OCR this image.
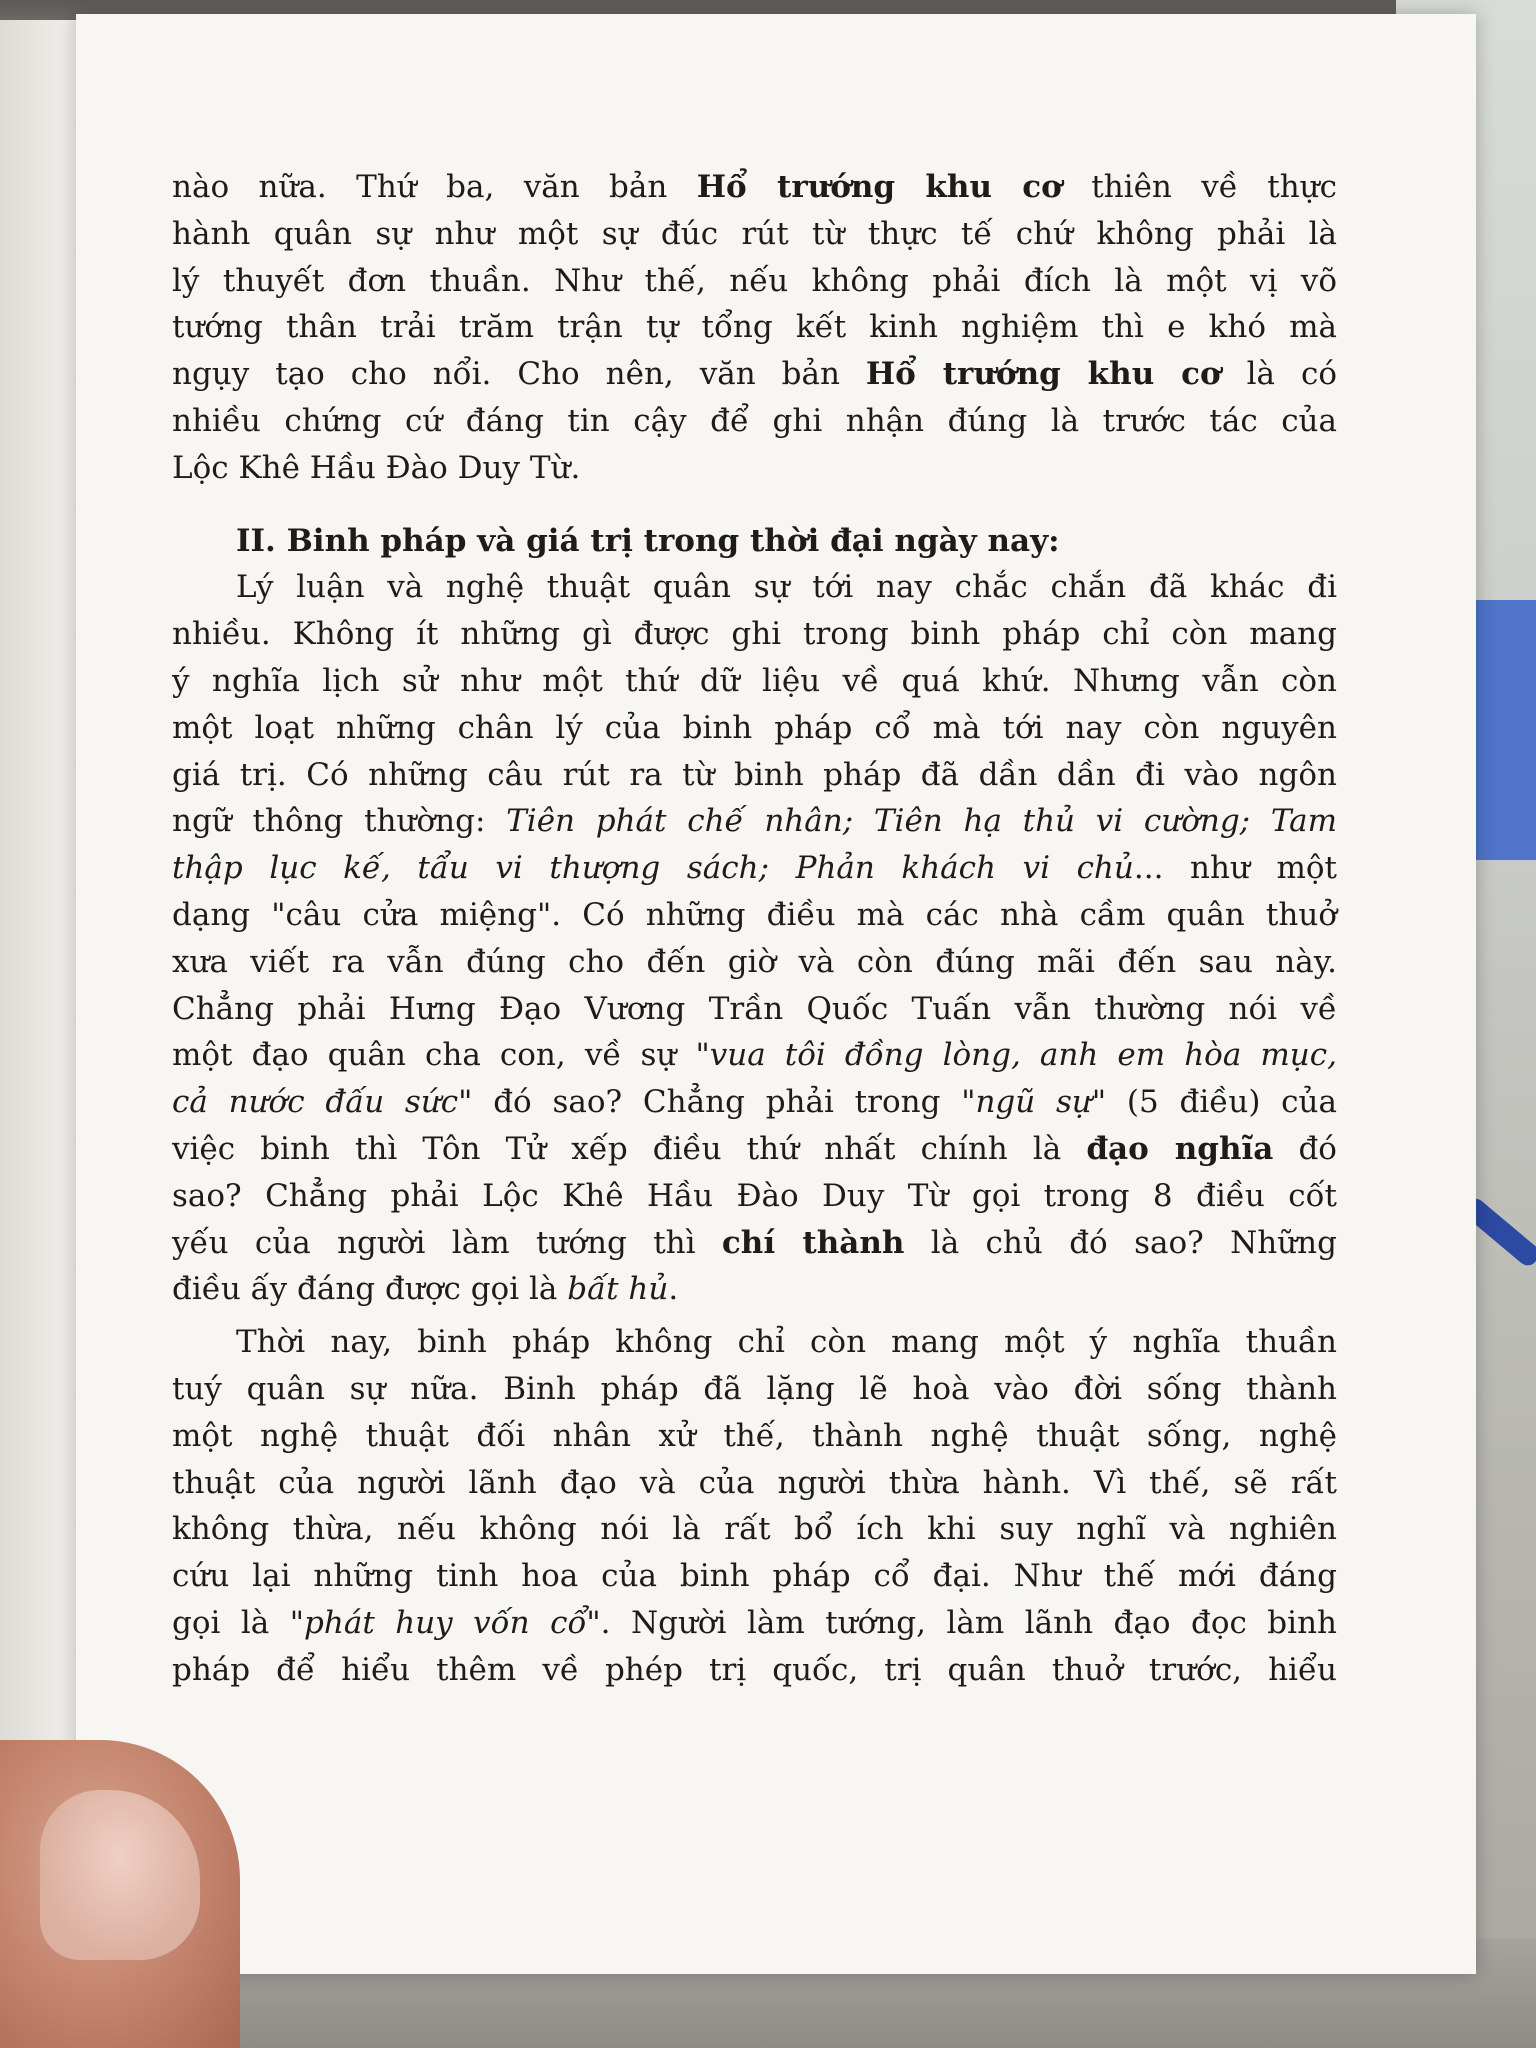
nào nữa. Thứ ba, văn bản Hổ trướng khu cơ thiên về thực
hành quân sự như một sự đúc rút từ thực tế chứ không phải là
lý thuyết đơn thuần. Như thế, nếu không phải đích là một vị võ
tướng thân trải trăm trận tự tổng kết kinh nghiệm thì e khó mà
ngụy tạo cho nổi. Cho nên, văn bản Hổ trướng khu cơ là có
nhiều chứng cứ đáng tin cậy để ghi nhận đúng là trước tác của
Lộc Khê Hầu Đào Duy Từ.
II. Binh pháp và giá trị trong thời đại ngày nay:
Lý luận và nghệ thuật quân sự tới nay chắc chắn đã khác đi
nhiều. Không ít những gì được ghi trong binh pháp chỉ còn mang
ý nghĩa lịch sử như một thứ dữ liệu về quá khứ. Nhưng vẫn còn
một loạt những chân lý của binh pháp cổ mà tới nay còn nguyên
giá trị. Có những câu rút ra từ binh pháp đã dần dần đi vào ngôn
ngữ thông thường: Tiên phát chế nhân; Tiên hạ thủ vi cường; Tam
thập lục kế, tẩu vi thượng sách; Phản khách vi chủ... như một
dạng "câu cửa miệng". Có những điều mà các nhà cầm quân thuở
xưa viết ra vẫn đúng cho đến giờ và còn đúng mãi đến sau này.
Chẳng phải Hưng Đạo Vương Trần Quốc Tuấn vẫn thường nói về
một đạo quân cha con, về sự "vua tôi đồng lòng, anh em hòa mục,
cả nước đấu sức" đó sao? Chẳng phải trong "ngũ sự" (5 điều) của
việc binh thì Tôn Tử xếp điều thứ nhất chính là đạo nghĩa đó
sao? Chẳng phải Lộc Khê Hầu Đào Duy Từ gọi trong 8 điều cốt
yếu của người làm tướng thì chí thành là chủ đó sao? Những
điều ấy đáng được gọi là bất hủ.
Thời nay, binh pháp không chỉ còn mang một ý nghĩa thuần
tuý quân sự nữa. Binh pháp đã lặng lẽ hoà vào đời sống thành
một nghệ thuật đối nhân xử thế, thành nghệ thuật sống, nghệ
thuật của người lãnh đạo và của người thừa hành. Vì thế, sẽ rất
không thừa, nếu không nói là rất bổ ích khi suy nghĩ và nghiên
cứu lại những tinh hoa của binh pháp cổ đại. Như thế mới đáng
gọi là "phát huy vốn cổ". Người làm tướng, làm lãnh đạo đọc binh
pháp để hiểu thêm về phép trị quốc, trị quân thuở trước, hiểu
